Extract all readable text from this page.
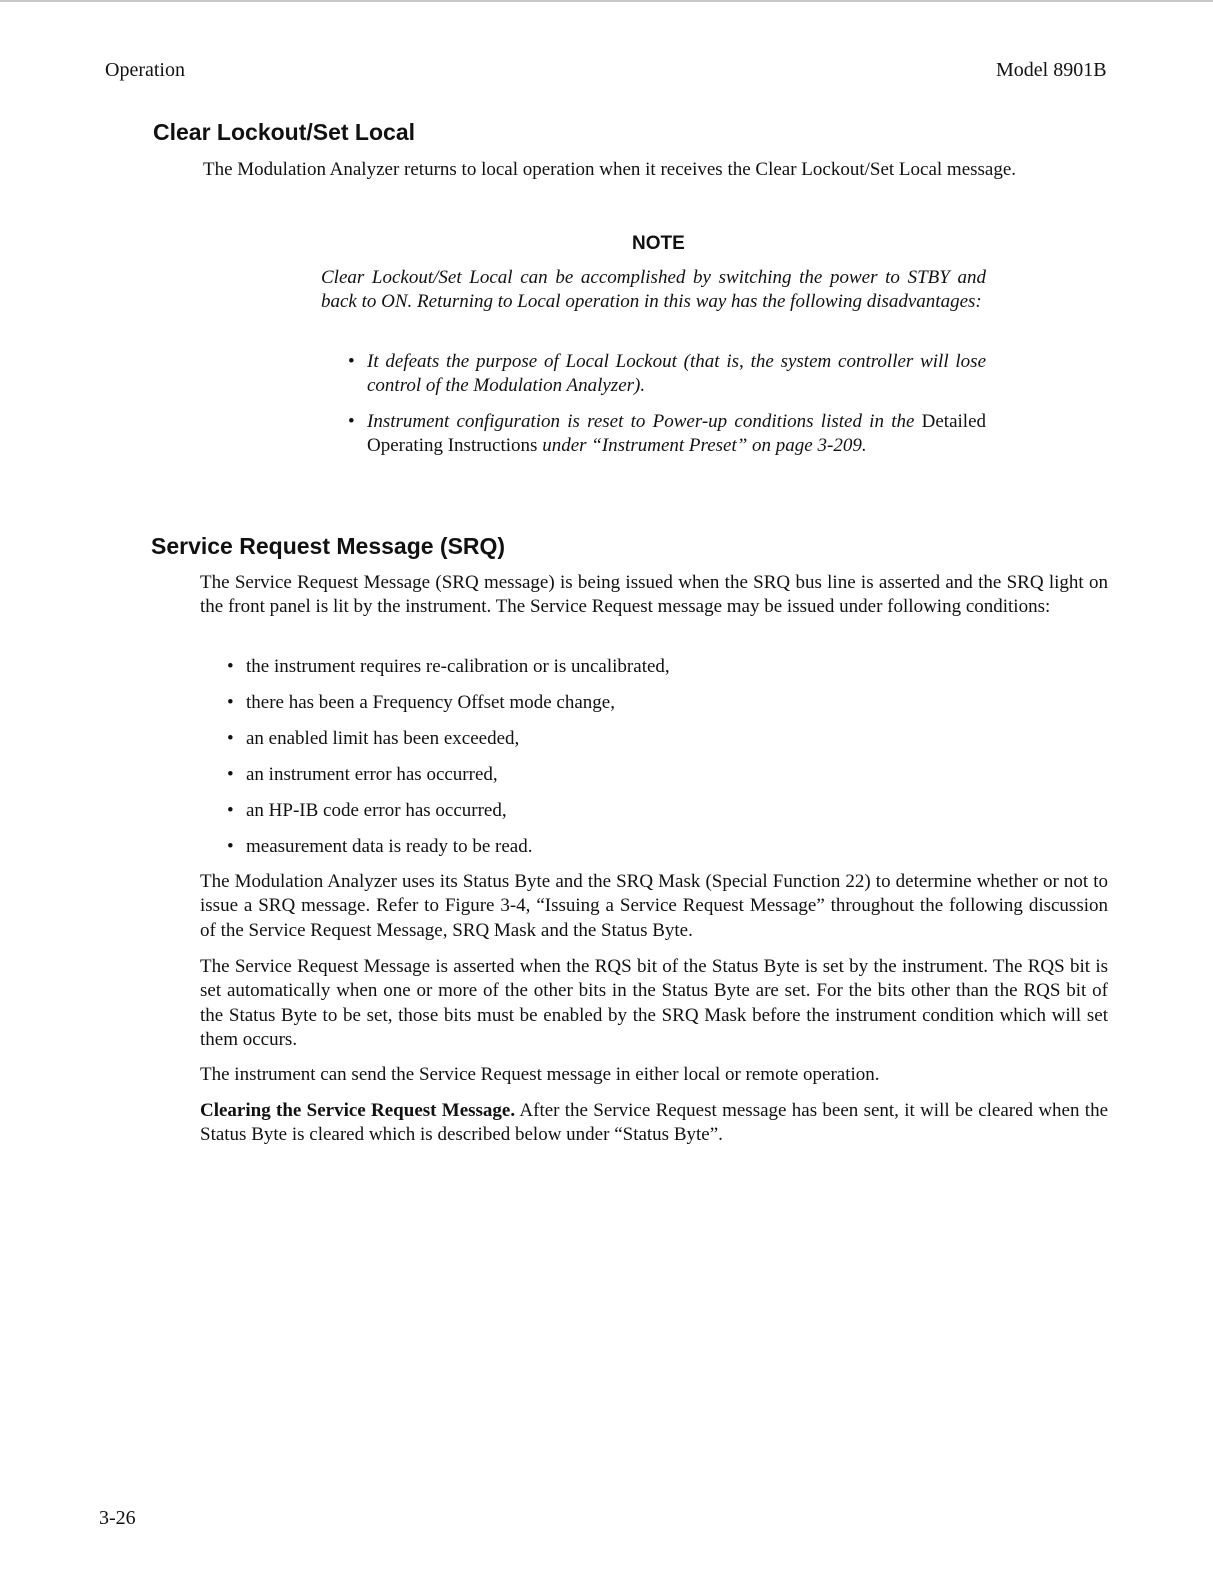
Operation	Model 8901B
Clear Lockout/Set Local

The Modulation Analyzer returns to local operation when it receives the Clear Lockout/Set Local message.

NOTE

Clear Lockout/Set Local can be accomplished by switching the power to STBY and back to ON. Returning to Local operation in this way has the following disadvantages:

• It defeats the purpose of Local Lockout (that is, the system controller will lose control of the Modulation Analyzer).
• Instrument configuration is reset to Power-up conditions listed in the Detailed Operating Instructions under “Instrument Preset” on page 3-209.
Service Request Message (SRQ)

The Service Request Message (SRQ message) is being issued when the SRQ bus line is asserted and the SRQ light on the front panel is lit by the instrument. The Service Request message may be issued under following conditions:

• the instrument requires re-calibration or is uncalibrated,
• there has been a Frequency Offset mode change,
• an enabled limit has been exceeded,
• an instrument error has occurred,
• an HP-IB code error has occurred,
• measurement data is ready to be read.

The Modulation Analyzer uses its Status Byte and the SRQ Mask (Special Function 22) to determine whether or not to issue a SRQ message. Refer to Figure 3-4, “Issuing a Service Request Message” throughout the following discussion of the Service Request Message, SRQ Mask and the Status Byte.

The Service Request Message is asserted when the RQS bit of the Status Byte is set by the instrument. The RQS bit is set automatically when one or more of the other bits in the Status Byte are set. For the bits other than the RQS bit of the Status Byte to be set, those bits must be enabled by the SRQ Mask before the instrument condition which will set them occurs.

The instrument can send the Service Request message in either local or remote operation.

Clearing the Service Request Message. After the Service Request message has been sent, it will be cleared when the Status Byte is cleared which is described below under “Status Byte”.

3-26
